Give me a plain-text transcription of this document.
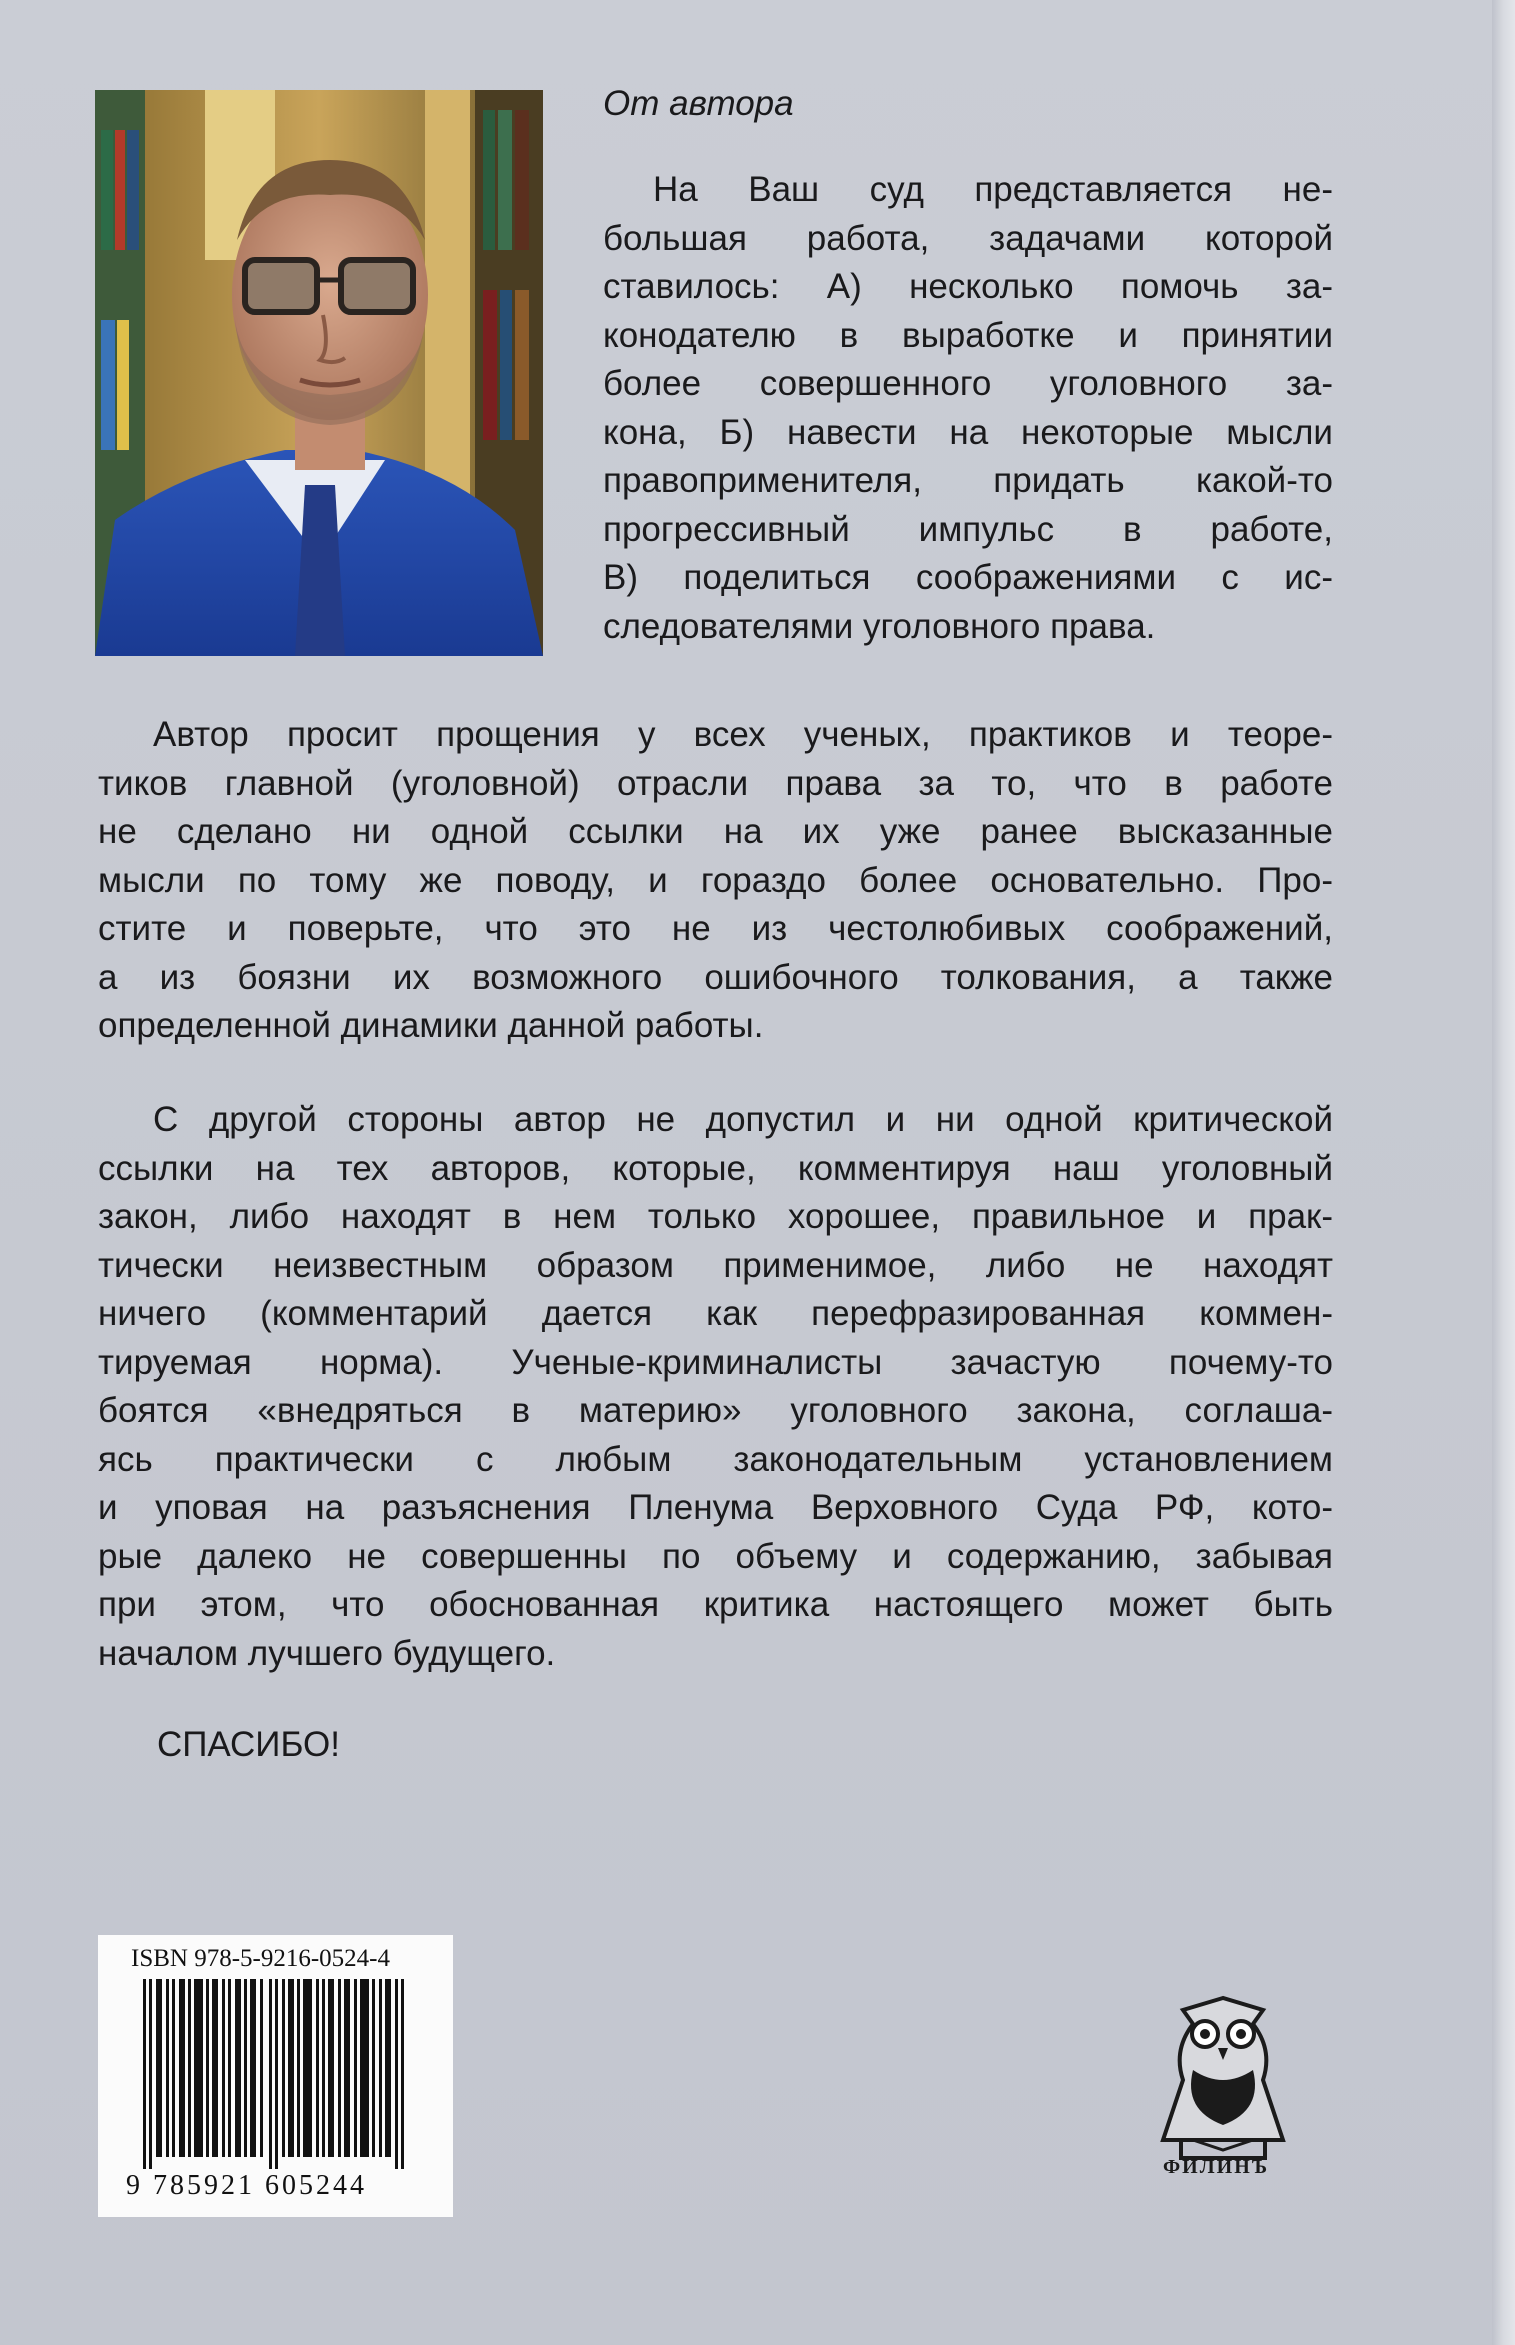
От автора
На Ваш суд представляется не-
большая работа, задачами которой
ставилось: А) несколько помочь за-
конодателю в выработке и принятии
более совершенного уголовного за-
кона, Б) навести на некоторые мысли
правоприменителя, придать какой-то
прогрессивный импульс в работе,
В) поделиться соображениями с ис-
следователями уголовного права.
Автор просит прощения у всех ученых, практиков и теоре-
тиков главной (уголовной) отрасли права за то, что в работе
не сделано ни одной ссылки на их уже ранее высказанные
мысли по тому же поводу, и гораздо более основательно. Про-
стите и поверьте, что это не из честолюбивых соображений,
а из боязни их возможного ошибочного толкования, а также
определенной динамики данной работы.
С другой стороны автор не допустил и ни одной критической
ссылки на тех авторов, которые, комментируя наш уголовный
закон, либо находят в нем только хорошее, правильное и прак-
тически неизвестным образом применимое, либо не находят
ничего (комментарий дается как перефразированная коммен-
тируемая норма). Ученые-криминалисты зачастую почему-то
боятся «внедряться в материю» уголовного закона, соглаша-
ясь практически с любым законодательным установлением
и уповая на разъяснения Пленума Верховного Суда РФ, кото-
рые далеко не совершенны по объему и содержанию, забывая
при этом, что обоснованная критика настоящего может быть
началом лучшего будущего.
СПАСИБО!
ISBN 978-5-9216-0524-4
9 785921 605244
ФИЛИНЪ
